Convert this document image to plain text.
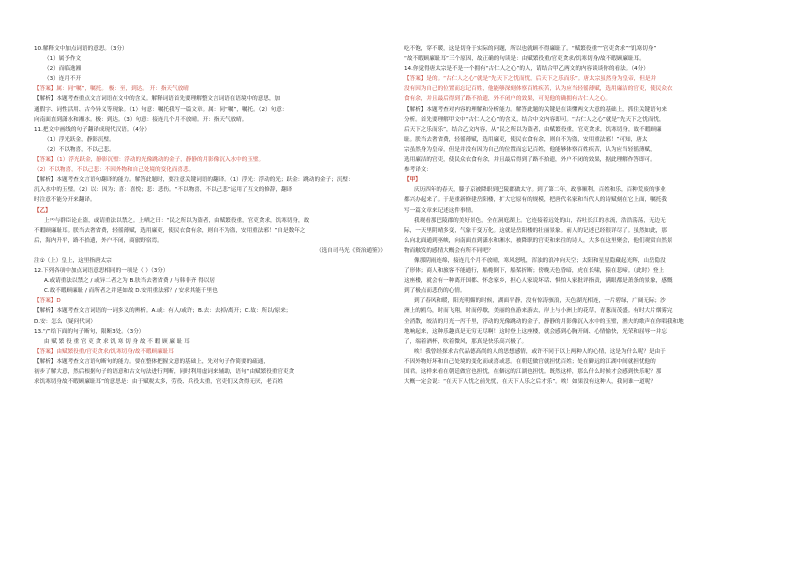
10.解释文中加点词语的意思。（3分）
（1）属予作文
（2）而临逸湘
（3）连月不开
【答案】属：同“嘱”，嘱托。 极：至，到达。 开：指天气放晴
【解析】本题考查重点文言词语在文中的含义。解释词语首先要理解整文言词语在语境中的意思，加
通假字、词性活用、古今异义等现象。（1）句意：嘱托我写一篇文章。属：同“嘱”，嘱托。（2）句意：
向南面直到潇水和湘水。极：到达。（3）句意：接连几个月不放晴。开：指天气放晴。
11.把文中画线的句子翻译成现代汉语。（4分）
（1）浮光跃金，静影沉璧。
（2）不以物喜，不以己悲。
【答案】（1）浮光跃金，静影沉璧：浮动的光像跳动的金子，静静的月影像沉入水中的玉璧。
（2）不以物喜，不以己悲：不因外物和自己处境的变化而喜悲。
【解析】本题考查文言语句翻译的能力。解答此题时，要注意关键词语的翻译。（1）浮光：浮动的光；跃金：跳动的金子；沉璧：
沉入水中的玉璧。（2）以：因为；喜：喜悦；悲：悲伤。“不以物喜，不以己悲”运用了互文的修辞，翻译
时注意不能分开来翻译。
【乙】
上⁽¹⁾与群臣论止盗，或请重法以禁之。上哂之曰：“民之所以为盗者，由赋繁役重，官吏贪求，饥寒切身，故
不暇顾廉耻耳。朕当去奢省费，轻徭薄赋，选用廉吏，使民衣食有余，则自不为盗，安用重法邪！”自是数年之
后，海内升平，路不拾遗，外户不闭，商旅野宿焉。
（选自司马光《资治通鉴》）
注①（上）皇上，这里指唐太宗
12.下列各项中加点词语意思相同的一项是（ ）（3分）
A.或请重法以禁之 / 或异二者之为 B.肤当去奢省费 / 与韩非齐 得以居
C.故不暇顾廉耻 / 而所者之并延如故 D.安用重法邪？/ 安求其能千里也
【答案】D
【解析】本题考查文言词语的一词多义的辨析。A.或：有人/或许；B.去：去掉/离开；C.故：所以/原来；
D.安：怎么（疑问代词）
13.“/”给下面的句子断句，限断3处。（3分）
由 赋 繁 役 重 官 吏 贪 求 饥 寒 切 身 故 不 暇 顾 廉 耻 耳
【答案】由赋繁役重/官吏贪求/饥寒切身/故不暇顾廉耻耳
【解析】本题考查文言语句断句的能力。要在整体把握文意的基础上，先对句子作简要的疏通，
初步了解大意，然后根据句子的语意和古文句法进行判断，同时利用虚词来辅助，语句“由赋繁役重官吏贪
求饥寒切身故不暇顾廉耻耳”的意思是：由于赋税太多，劳役、兵役太重，官吏们又贪得无厌，老百姓
吃不饱，穿不暖，这是切身于实际的问题，所以也就顾不得廉耻了。“赋繁役重”“官吏贪求”“饥寒切身”
“故不暇顾廉耻耳”三个原因，故正确的句读是：由赋繁役重/官吏贪求/饥寒切身/故不暇顾廉耻耳。
14.你觉得唐太宗是不是一个拥有“古仁人之心”的人，请结合甲乙两文的内容谈谈你的看法。（4分）
【答案】是的。“古仁人之心”就是“先天下之忧而忧，后天下之乐而乐”。唐太宗虽然身为皇帝，但是并
没有因为自己的位置而忘记百姓，他能够深刻体察百姓疾苦，认为应当轻徭薄赋，选用廉洁的官吏，使民众衣
食有余，并且最后得到了路不拾遗，外不闭户的效果，可见他的确拥有古仁人之心。
【解析】本题考查对内容的理解和分析能力。解答此题的关键是在读懂两文大意的基础上，抓住关键语句来
分析。首先要理解甲文中“古仁人之心”的含义，结合中文内容即可。“古仁人之心”就是“先天下之忧而忧，
后天下之乐而乐”，结合乙文内容，从“民之所以为盗者，由赋繁役重，官吏贪求，饥寒切身，故不暇顾廉
耻。朕当去奢省费，轻徭薄赋，选用廉吏，使民衣食有余，则自不为盗，安用重法邪！”可知，唐太
宗虽然身为皇帝，但是并没有因为自己的位置而忘记百姓，他能够体察百姓疾苦，认为应当轻徭薄赋，
选用廉洁的官吏，使民众衣食有余，并且最后得到了路不拾遗，外户不闭的效果，据此理解作答即可。
参考译文：
【甲】
庆历四年的春天，滕子京被降职到巴陵郡做太守。到了第二年，政事顺利，百姓和乐，百种荒废的事业
都兴办起来了。于是重新修建岳阳楼，扩大它原有的规模，把唐代名家和当代人的诗赋刻在它上面，嘱托我
写一篇文章来记述这件事情。
我观看那巴陵郡的美好景色，全在洞庭湖上。它连接着远处的山，吞吐长江的水流，浩浩荡荡，无边无
际，一天里阴晴多变，气象千变万化。这就是岳阳楼的壮丽景象。前人的记述已经很详尽了。虽然如此，那
么向北面通到巫峡，向南面直到潇水和湘水，被降职的官吏和来往的诗人，大多在这里聚会，他们观赏自然景
物而触发的感情大概会有所不同吧？
像那阴雨连绵，接连几个月不放晴，寒风怒吼，浑浊的浪冲向天空；太阳和星星隐藏起光辉，山岳隐没
了形体；商人和旅客不能通行，船桅倒下，船桨折断；傍晚天色昏暗，虎在长啸，猿在悲啼。（此时）登上
这座楼，就会有一种离开国都、怀念家乡，担心人家说坏话、惧怕人家批评指责，满眼都是萧条的景象，感慨
到了极点而悲伤的心情。
到了春风和暖，阳光明媚的时候，湖面平静，没有惊涛骇浪，天色湖光相连，一片碧绿，广阔无际；沙
洲上的鸥鸟，时而飞翔，时而停歇，美丽的鱼游来游去，岸上与小洲上的花草，青葱而茂盛。有时大片烟雾完
全消散，皎洁的月光一泻千里，浮动的光像跳动的金子，静静的月影像沉入水中的玉璧，渔夫的歌声在你唱我和地
地响起来，这种乐趣真是无穷无尽啊！这时登上这座楼，就会感到心胸开阔、心情愉快，光荣和屈辱一并忘
了，端着酒杯，吹着微风，那真是快乐高兴极了。
唉！我曾经探求古代品德高尚的人的思想感情，或许不同于以上两种人的心情，这是为什么呢？是由于
不因外物好坏和自己处境的变化而或喜或悲。在朝廷做官就担忧百姓；处在僻远的江湖中间就担忧他的
国君。这样来看在朝廷做官也担忧，在僻远的江湖也担忧。既然这样，那么什么时候才会感到快乐呢？那
大概一定会说：“在天下人忧之前先忧，在天下人乐之后才乐”。唉！如果没有这种人，我同谁一道呢？
